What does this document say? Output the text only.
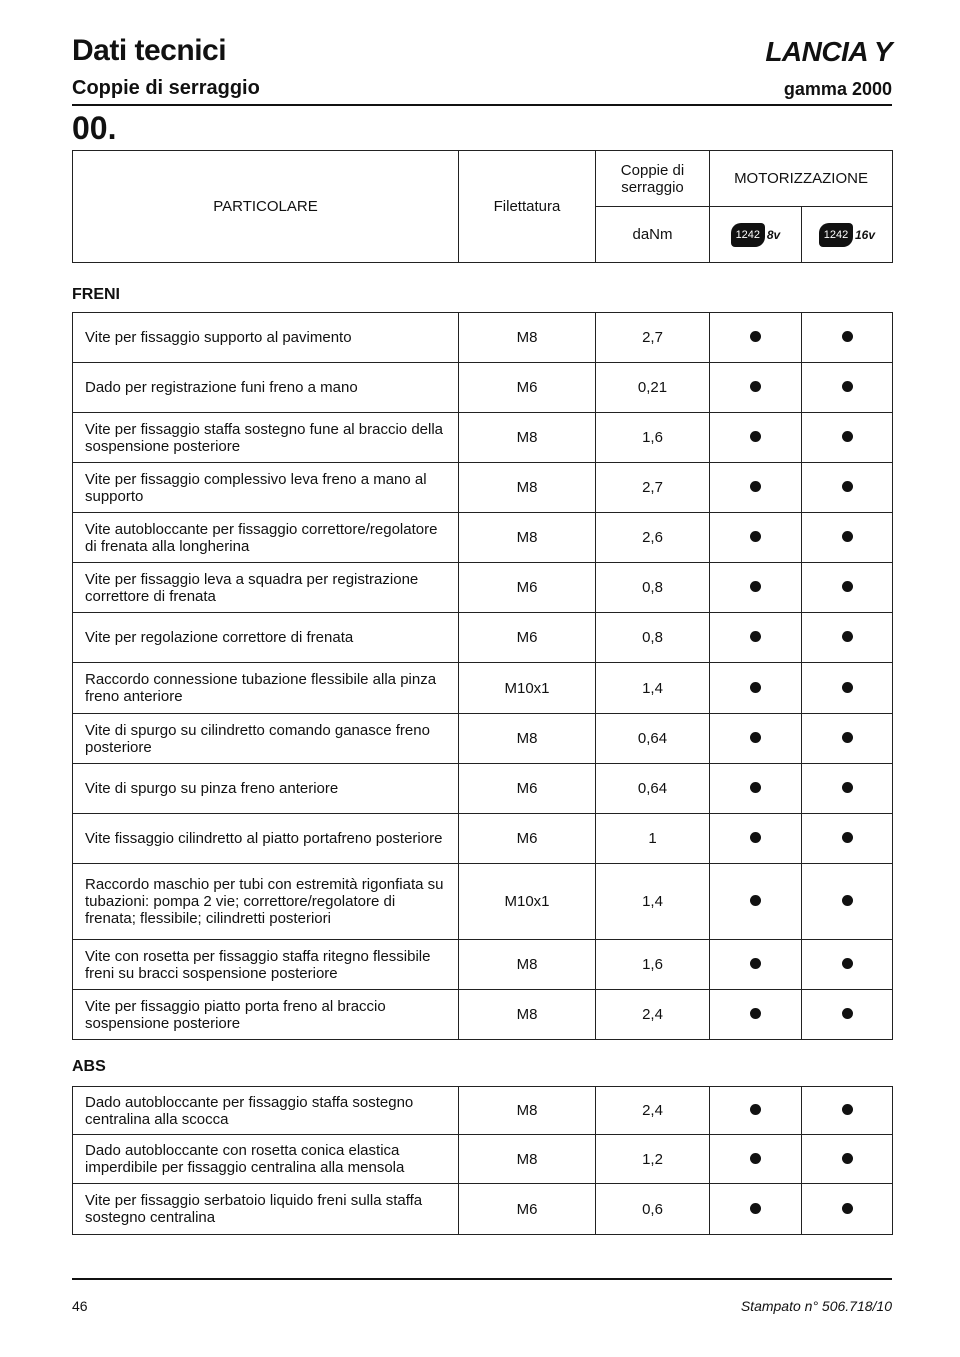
Dati tecnici
Coppie di serraggio
LANCIA Y
gamma 2000
00.
PARTICOLARE	Filettatura	Coppie di serraggio	MOTORIZZAZIONE	
		daNm	1242 8v	1242 16v
FRENI
Vite per fissaggio supporto al pavimento	M8	2,7		
Dado per registrazione funi freno a mano	M6	0,21		
Vite per fissaggio staffa sostegno fune al braccio della sospensione posteriore	M8	1,6		
Vite per fissaggio complessivo leva freno a mano al supporto	M8	2,7		
Vite autobloccante per fissaggio correttore/regolatore di frenata alla longherina	M8	2,6		
Vite per fissaggio leva a squadra per registrazione correttore di frenata	M6	0,8		
Vite per regolazione correttore di frenata	M6	0,8		
Raccordo connessione tubazione flessibile alla pinza freno anteriore	M10x1	1,4		
Vite di spurgo su cilindretto comando ganasce freno posteriore	M8	0,64		
Vite di spurgo su pinza freno anteriore	M6	0,64		
Vite fissaggio cilindretto al piatto portafreno posteriore	M6	1		
Raccordo maschio per tubi con estremità rigonfiata su tubazioni: pompa 2 vie; correttore/regolatore di frenata; flessibile; cilindretti posteriori	M10x1	1,4		
Vite con rosetta per fissaggio staffa ritegno flessibile freni su bracci sospensione posteriore	M8	1,6		
Vite per fissaggio piatto porta freno al braccio sospensione posteriore	M8	2,4		
ABS
Dado autobloccante per fissaggio staffa sostegno centralina alla scocca	M8	2,4		
Dado autobloccante con rosetta conica elastica imperdibile per fissaggio centralina alla mensola	M8	1,2		
Vite per fissaggio serbatoio liquido freni sulla staffa sostegno centralina	M6	0,6		
46	Stampato n° 506.718/10
